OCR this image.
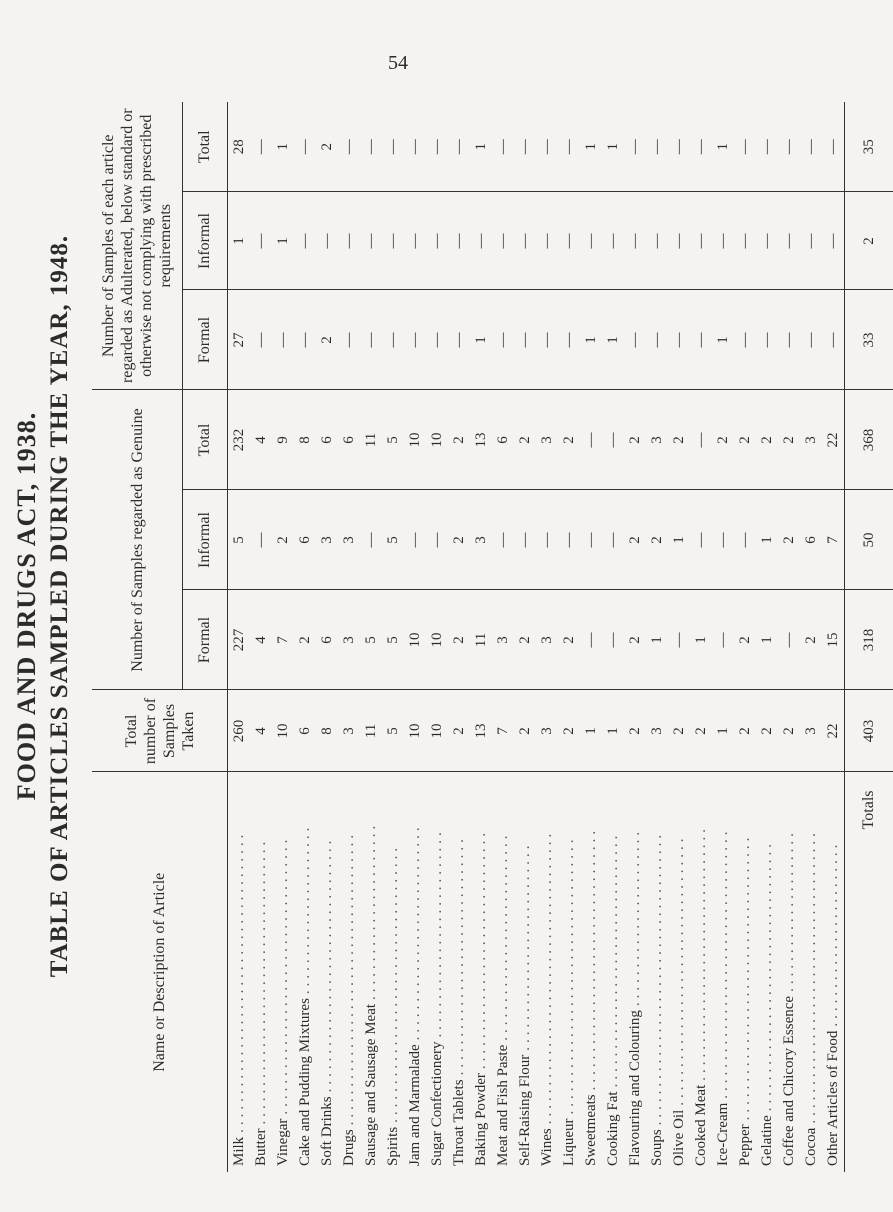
54
FOOD AND DRUGS ACT, 1938. TABLE OF ARTICLES SAMPLED DURING THE YEAR, 1948.	Name or Description of Article	Total number of Samples Taken	Number of Samples regarded as Genuine			Number of Samples of each article regarded as Adulterated, below standard or otherwise not complying with prescribed requirements		
		Formal	Informal	Total	Formal	Informal	Total
Milk.......................................	260	227	5	232	27	1	28
Butter.....................................	4	4	—	4	—	—	—
Vinegar....................................	10	7	2	9	—	1	1
Cake and Pudding Mixtures......................	6	2	6	8	—	—	—
Soft Drinks.................................	8	6	3	6	2	—	2
Drugs......................................	3	3	3	6	—	—	—
Sausage and Sausage Meat.......................	11	5	—	11	—	—	—
Spirits....................................	5	5	5	5	—	—	—
Jam and Marmalade............................	10	10	—	10	—	—	—
Sugar Confectionery...........................	10	10	—	10	—	—	—
Throat Tablets...............................	2	2	2	2	—	—	—
Baking Powder...............................	13	11	3	13	1	—	1
Meat and Fish Paste...........................	7	3	—	6	—	—	—
Self-Raising Flour...........................	2	2	—	2	—	—	—
Wines......................................	3	3	—	3	—	—	—
Liqueur....................................	2	2	—	2	—	—	—
Sweetmeats..................................	1	—	—	—	1	—	1
Cooking Fat.................................	1	—	—	—	1	—	1
Flavouring and Colouring.......................	2	2	2	2	—	—	—
Soups......................................	3	1	2	3	—	—	—
Olive Oil...................................	2	—	1	2	—	—	—
Cooked Meat.................................	2	1	—	—	—	—	—
Ice-Cream...................................	1	—	—	2	1	—	1
Pepper.....................................	2	2	—	2	—	—	—
Gelatine...................................	2	1	1	2	—	—	—
Coffee and Chicory Essence.....................	2	—	2	2	—	—	—
Cocoa......................................	3	2	6	3	—	—	—
Other Articles of Food........................	22	15	7	22	—	—	—
Totals	403	318	50	368	33	2	35
